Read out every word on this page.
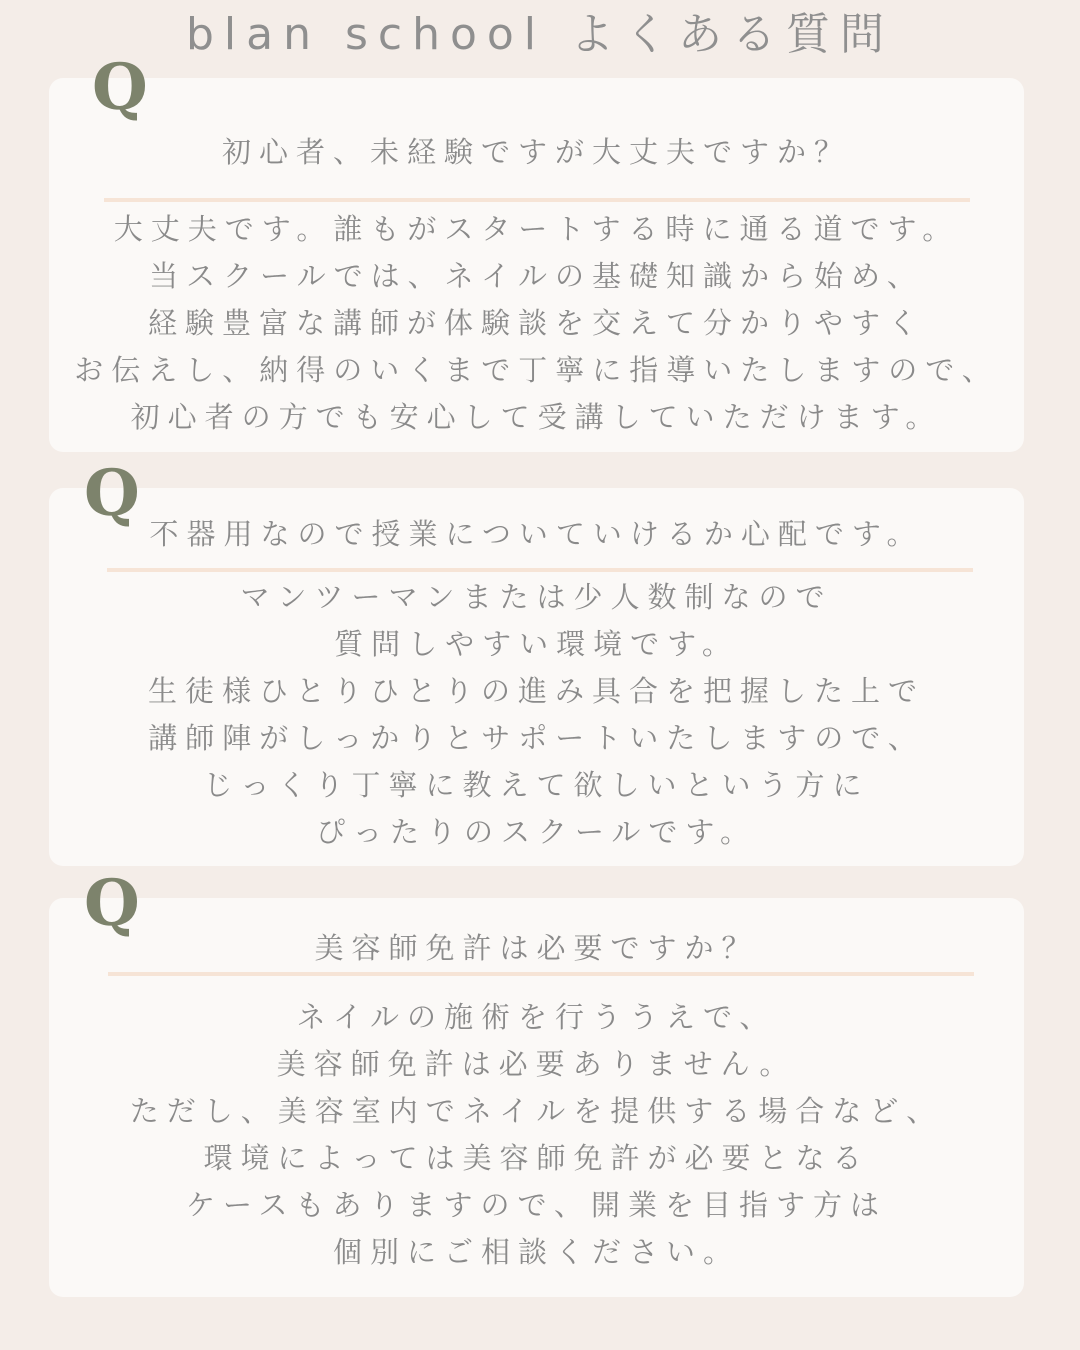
blan school よくある質問
初心者、未経験ですが大丈夫ですか？
大丈夫です。誰もがスタートする時に通る道です。
当スクールでは、ネイルの基礎知識から始め、
経験豊富な講師が体験談を交えて分かりやすく
お伝えし、納得のいくまで丁寧に指導いたしますので、
初心者の方でも安心して受講していただけます。
Q
不器用なので授業についていけるか心配です。
マンツーマンまたは少人数制なので
質問しやすい環境です。
生徒様ひとりひとりの進み具合を把握した上で
講師陣がしっかりとサポートいたしますので、
じっくり丁寧に教えて欲しいという方に
ぴったりのスクールです。
Q
美容師免許は必要ですか？
ネイルの施術を行ううえで、
美容師免許は必要ありません。
ただし、美容室内でネイルを提供する場合など、
環境によっては美容師免許が必要となる
ケースもありますので、開業を目指す方は
個別にご相談ください。
Q
